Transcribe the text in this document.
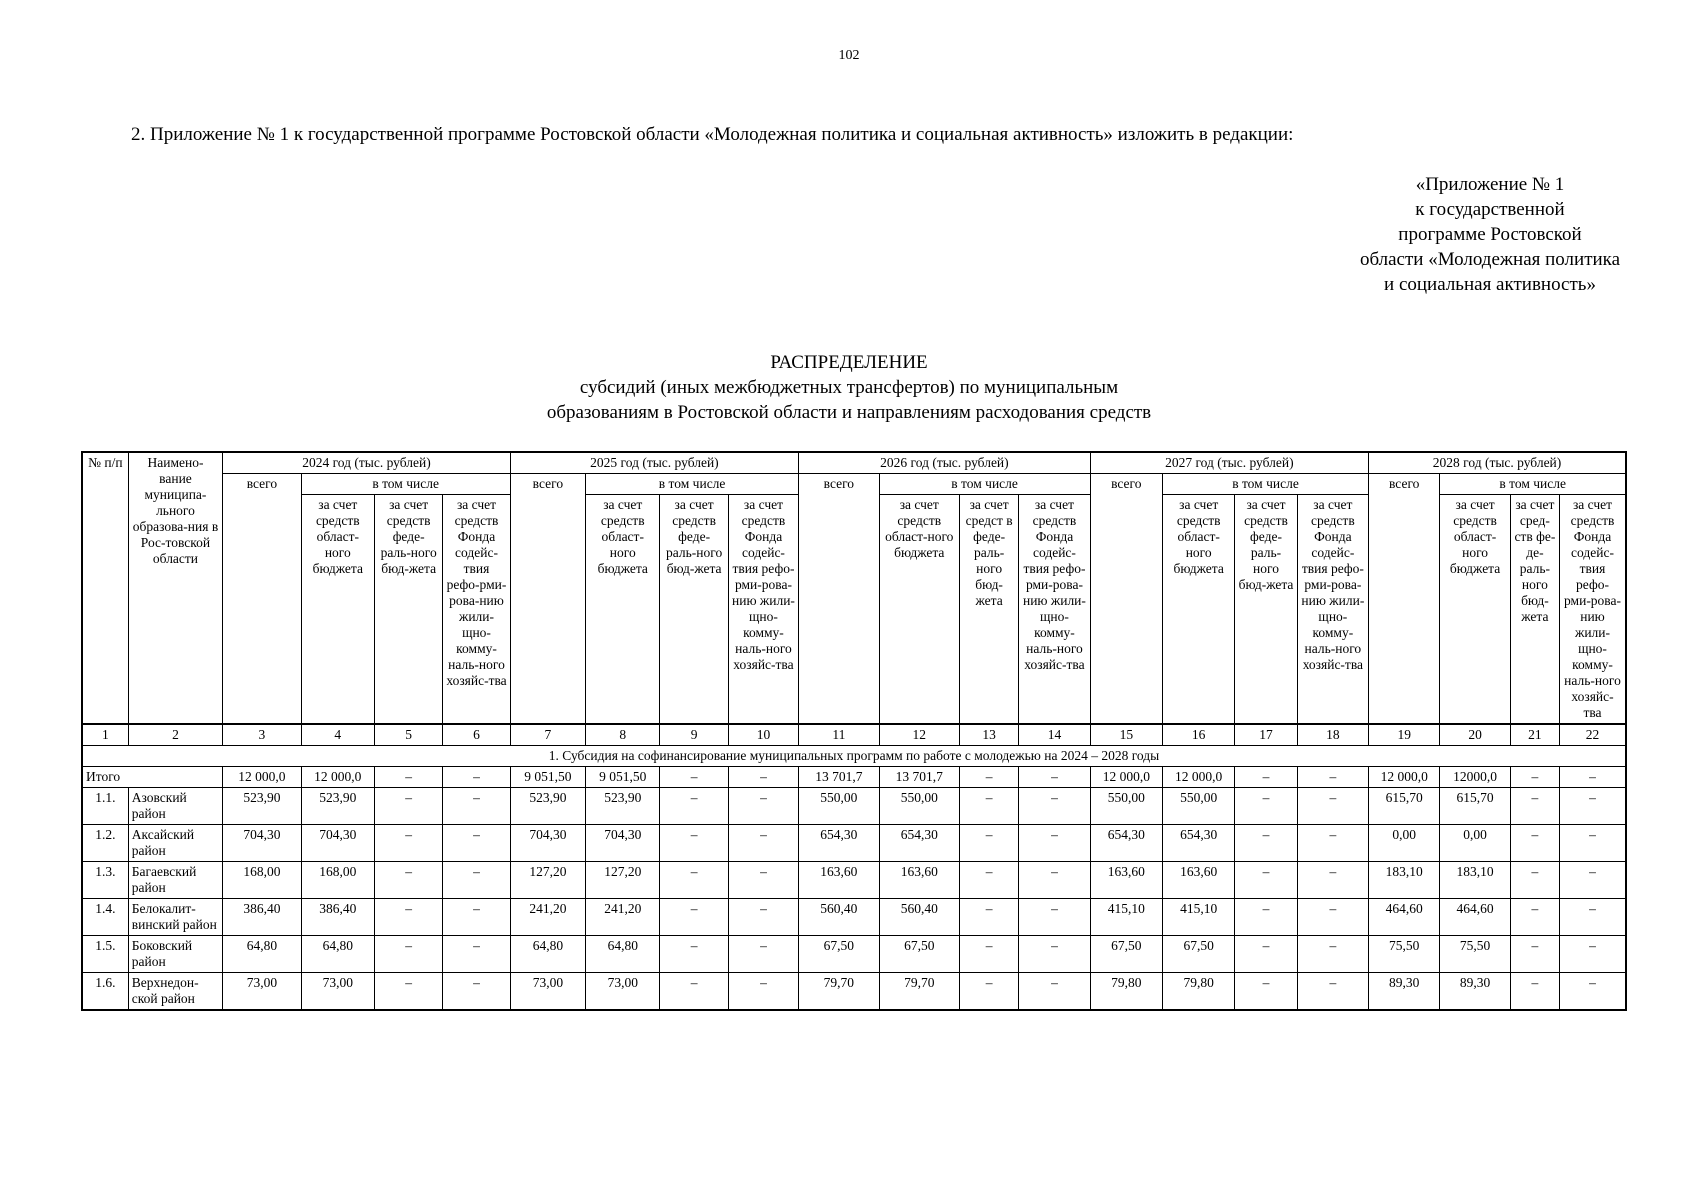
102
2. Приложение № 1 к государственной программе Ростовской области «Молодежная политика и социальная активность» изложить в редакции:
«Приложение № 1
к государственной
программе Ростовской
области «Молодежная политика
и социальная активность»
РАСПРЕДЕЛЕНИЕ
субсидий (иных межбюджетных трансфертов) по муниципальным
образованиям в Ростовской области и направлениям расходования средств
№ п/п	Наимено-вание муниципа-льного образова-ния в Рос-товской области	2024 год (тыс. рублей)				2025 год (тыс. рублей)				2026 год (тыс. рублей)				2027 год (тыс. рублей)				2028 год (тыс. рублей)			
		всего	в том числе			всего	в том числе			всего	в том числе			всего	в том числе			всего	в том числе		
			за счет средств област-ного бюджета	за счет средств феде-раль-ного бюд-жета	за счет средств Фонда содейс-твия рефо-рми-рова-нию жили-щно-комму-наль-ного хозяйс-тва		за счет средств област-ного бюджета	за счет средств феде-раль-ного бюд-жета	за счет средств Фонда содейс-твия рефо-рми-рова-нию жили-щно-комму-наль-ного хозяйс-тва		за счет средств област-ного бюджета	за счет средст в феде-раль-ного бюд-жета	за счет средств Фонда содейс-твия рефо-рми-рова-нию жили-щно-комму-наль-ного хозяйс-тва		за счет средств област-ного бюджета	за счет средств феде-раль-ного бюд-жета	за счет средств Фонда содейс-твия рефо-рми-рова-нию жили-щно-комму-наль-ного хозяйс-тва		за счет средств област-ного бюджета	за счет сред-ств фе-де-раль-ного бюд-жета	за счет средств Фонда содейс-твия рефо-рми-рова-нию жили-щно-комму-наль-ного хозяйс-тва
1	2	3	4	5	6	7	8	9	10	11	12	13	14	15	16	17	18	19	20	21	22
1. Субсидия на софинансирование муниципальных программ по работе с молодежью на 2024 – 2028 годы																					
Итого		12 000,0	12 000,0	–	–	9 051,50	9 051,50	–	–	13 701,7	13 701,7	–	–	12 000,0	12 000,0	–	–	12 000,0	12000,0	–	–
1.1.	Азовский район	523,90	523,90	–	–	523,90	523,90	–	–	550,00	550,00	–	–	550,00	550,00	–	–	615,70	615,70	–	–
1.2.	Аксайский район	704,30	704,30	–	–	704,30	704,30	–	–	654,30	654,30	–	–	654,30	654,30	–	–	0,00	0,00	–	–
1.3.	Багаевский район	168,00	168,00	–	–	127,20	127,20	–	–	163,60	163,60	–	–	163,60	163,60	–	–	183,10	183,10	–	–
1.4.	Белокалит-винский район	386,40	386,40	–	–	241,20	241,20	–	–	560,40	560,40	–	–	415,10	415,10	–	–	464,60	464,60	–	–
1.5.	Боковский район	64,80	64,80	–	–	64,80	64,80	–	–	67,50	67,50	–	–	67,50	67,50	–	–	75,50	75,50	–	–
1.6.	Верхнедон-ской район	73,00	73,00	–	–	73,00	73,00	–	–	79,70	79,70	–	–	79,80	79,80	–	–	89,30	89,30	–	–
